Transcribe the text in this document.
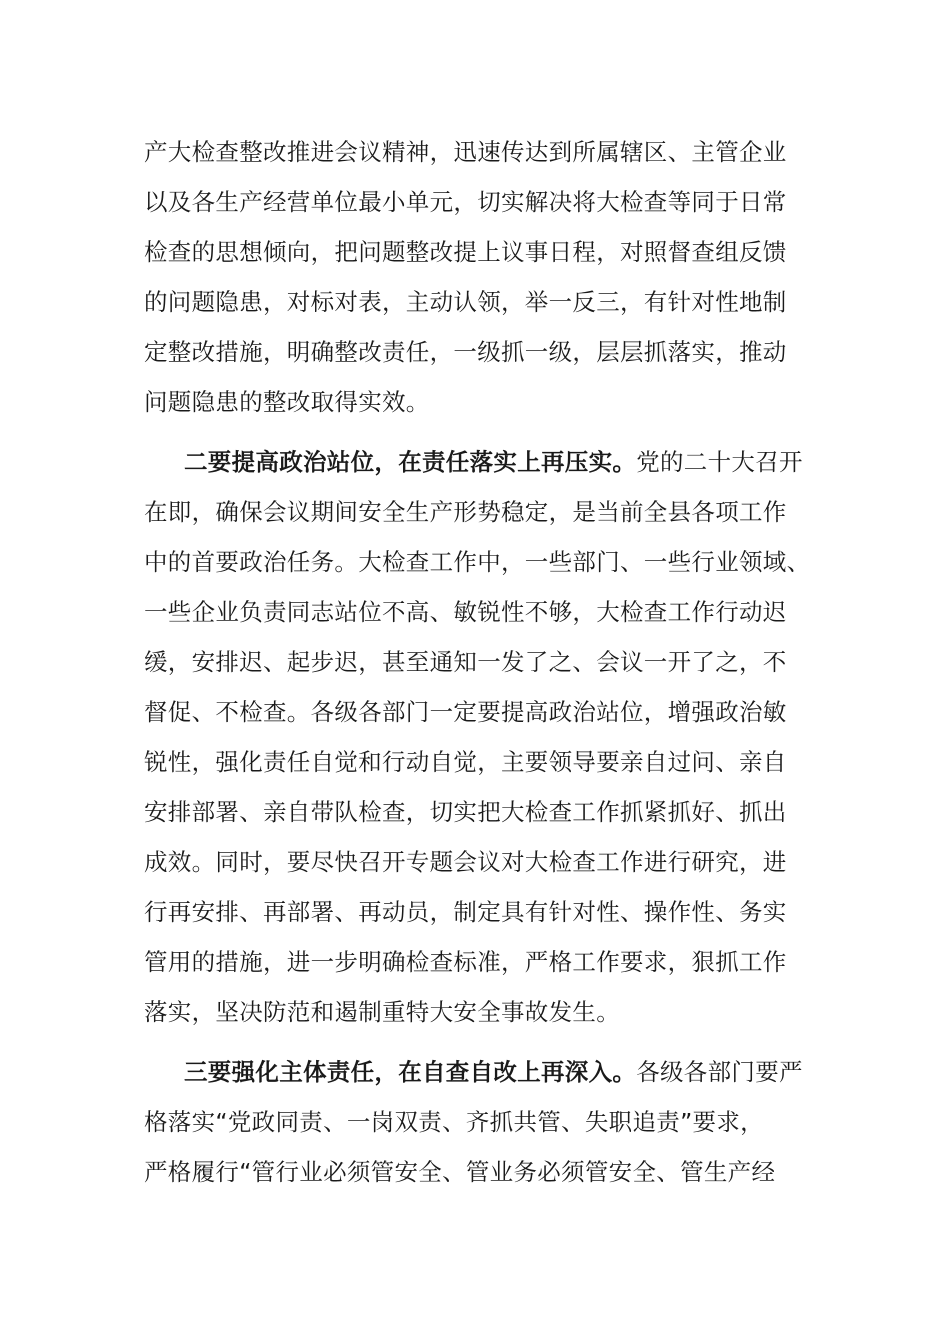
产大检查整改推进会议精神，迅速传达到所属辖区、主管企业
以及各生产经营单位最小单元，切实解决将大检查等同于日常
检查的思想倾向，把问题整改提上议事日程，对照督查组反馈
的问题隐患，对标对表，主动认领，举一反三，有针对性地制
定整改措施，明确整改责任，一级抓一级，层层抓落实，推动
问题隐患的整改取得实效。
二要提高政治站位，在责任落实上再压实。党的二十大召开
在即，确保会议期间安全生产形势稳定，是当前全县各项工作
中的首要政治任务。大检查工作中，一些部门、一些行业领域、
一些企业负责同志站位不高、敏锐性不够，大检查工作行动迟
缓，安排迟、起步迟，甚至通知一发了之、会议一开了之，不
督促、不检查。各级各部门一定要提高政治站位，增强政治敏
锐性，强化责任自觉和行动自觉，主要领导要亲自过问、亲自
安排部署、亲自带队检查，切实把大检查工作抓紧抓好、抓出
成效。同时，要尽快召开专题会议对大检查工作进行研究，进
行再安排、再部署、再动员，制定具有针对性、操作性、务实
管用的措施，进一步明确检查标准，严格工作要求，狠抓工作
落实，坚决防范和遏制重特大安全事故发生。
三要强化主体责任，在自查自改上再深入。各级各部门要严
格落实“党政同责、一岗双责、齐抓共管、失职追责”要求，
严格履行“管行业必须管安全、管业务必须管安全、管生产经
